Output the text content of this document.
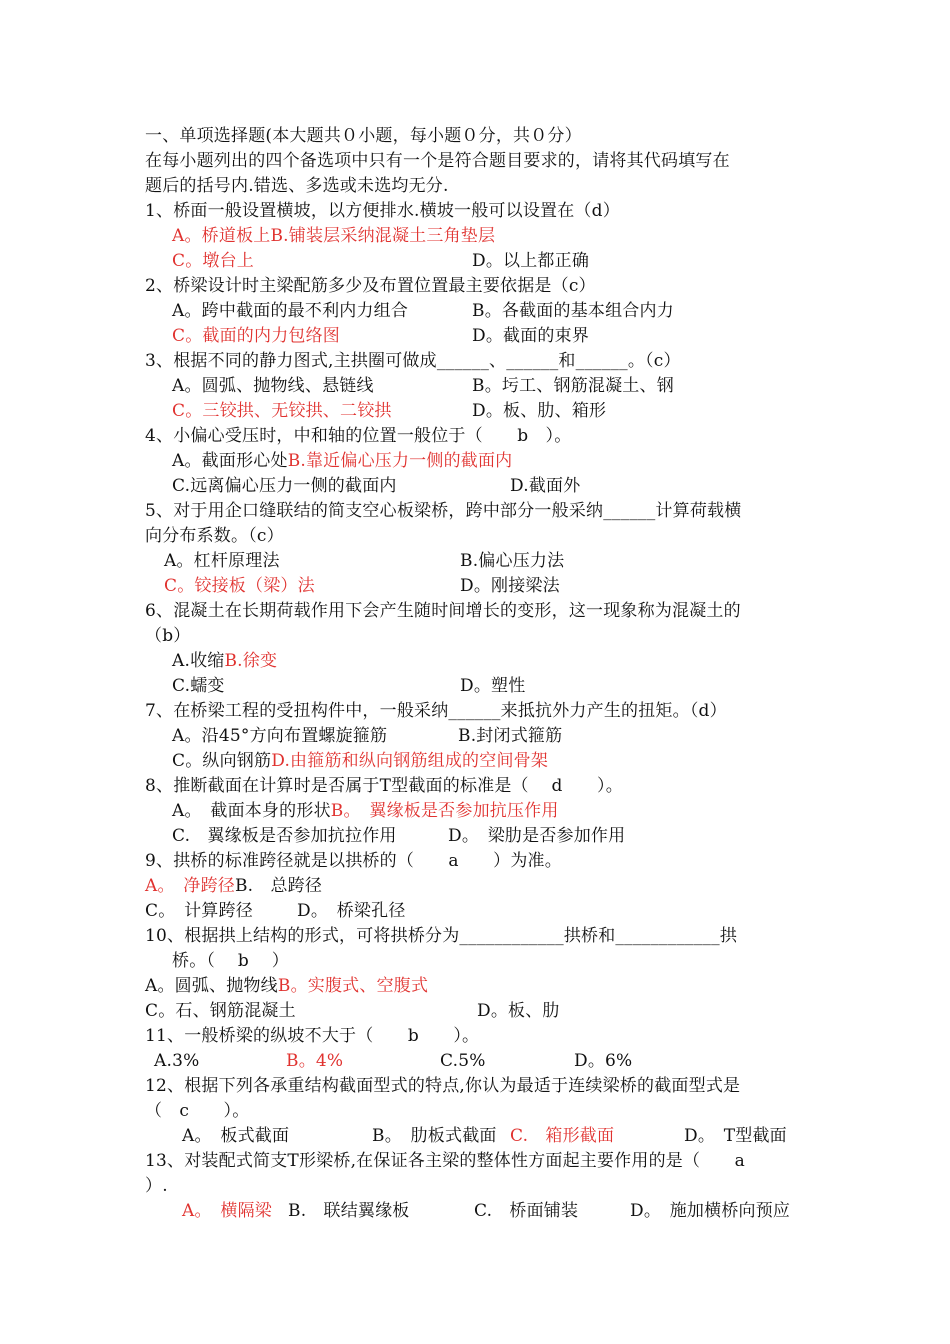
一、单项选择题(本大题共０小题，每小题０分，共０分）
在每小题列出的四个备选项中只有一个是符合题目要求的，请将其代码填写在
题后的括号内.错选、多选或未选均无分.
1、桥面一般设置横坡，以方便排水.横坡一般可以设置在（d）
A。桥道板上B.铺装层采纳混凝土三角垫层
C。墩台上	D。以上都正确
2、桥梁设计时主梁配筋多少及布置位置最主要依据是（c）
A。跨中截面的最不利内力组合	B。各截面的基本组合内力
C。截面的内力包络图	D。截面的束界
3、根据不同的静力图式,主拱圈可做成______、______和______。（c）
A。圆弧、抛物线、悬链线	B。圬工、钢筋混凝土、钢
C。三铰拱、无铰拱、二铰拱	D。板、肋、箱形
4、小偏心受压时，中和轴的位置一般位于（　　b　）。
A。截面形心处B.靠近偏心压力一侧的截面内
C.远离偏心压力一侧的截面内	D.截面外
5、对于用企口缝联结的简支空心板梁桥，跨中部分一般采纳______计算荷载横
向分布系数。（c）
A。杠杆原理法	B.偏心压力法
C。铰接板（梁）法	D。刚接梁法
6、混凝土在长期荷载作用下会产生随时间增长的变形，这一现象称为混凝土的
（b）
A.收缩B.徐变
C.蠕变	D。塑性
7、在桥梁工程的受扭构件中，一般采纳______来抵抗外力产生的扭矩。（d）
A。沿45°方向布置螺旋箍筋	B.封闭式箍筋
C。纵向钢筋D.由箍筋和纵向钢筋组成的空间骨架
8、推断截面在计算时是否属于T型截面的标准是（　 d　　）。
A。　截面本身的形状B。　翼缘板是否参加抗压作用
C.　翼缘板是否参加抗拉作用	D。　梁肋是否参加作用
9、拱桥的标准跨径就是以拱桥的（　　a　　）为准。
A。　净跨径B.　总跨径
C。　计算跨径	D。　桥梁孔径
10、根据拱上结构的形式，可将拱桥分为____________拱桥和____________拱
桥。（　 b　 ）
A。圆弧、抛物线B。实腹式、空腹式
C。石、钢筋混凝土	D。板、肋
11、一般桥梁的纵坡不大于（　　b　　）。
A.3%	B。4%	C.5%	D。6%
12、根据下列各承重结构截面型式的特点,你认为最适于连续梁桥的截面型式是
（　c　　）。
A。　板式截面	B。　肋板式截面 C.　箱形截面	D。　T型截面
13、对装配式简支T形梁桥,在保证各主梁的整体性方面起主要作用的是（　　a
）.
A。　横隔梁 B.　联结翼缘板	C.　桥面铺装	D。　施加横桥向预应
